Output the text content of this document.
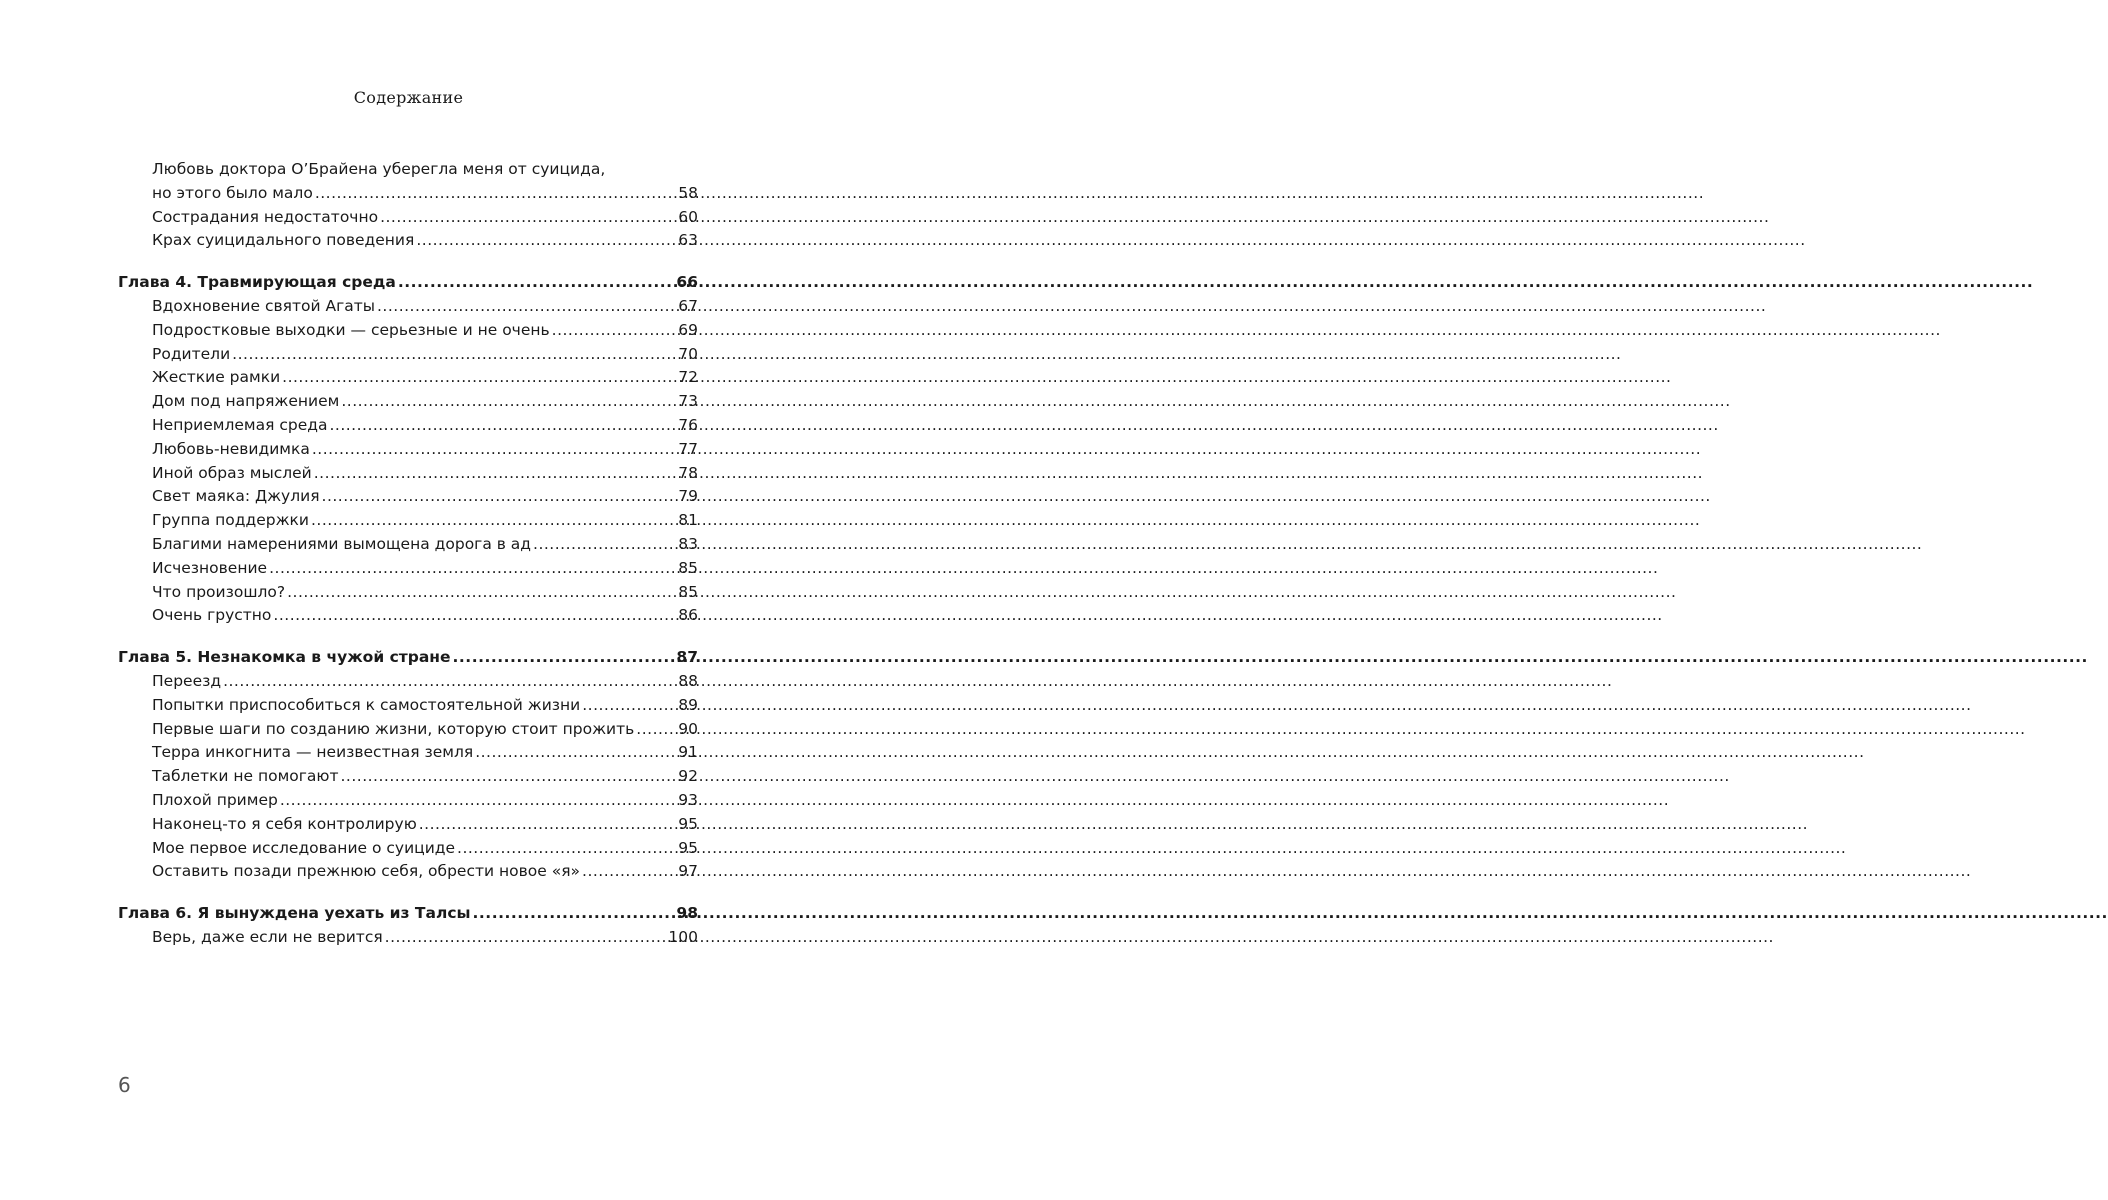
Содержание
Любовь доктора О’Брайена уберегла меня от суицида,
но этого было мало .....	58
Сострадания недостаточно .....	60
Крах суицидального поведения .....	63
Глава 4. Травмирующая среда .....	66
Вдохновение святой Агаты .....	67
Подростковые выходки — серьезные и не очень .....	69
Родители .....	70
Жесткие рамки .....	72
Дом под напряжением .....	73
Неприемлемая среда .....	76
Любовь-невидимка .....	77
Иной образ мыслей .....	78
Свет маяка: Джулия .....	79
Группа поддержки .....	81
Благими намерениями вымощена дорога в ад .....	83
Исчезновение .....	85
Что произошло? .....	85
Очень грустно .....	86
Глава 5. Незнакомка в чужой стране .....	87
Переезд .....	88
Попытки приспособиться к самостоятельной жизни .....	89
Первые шаги по созданию жизни, которую стоит прожить .....	90
Терра инкогнита — неизвестная земля .....	91
Таблетки не помогают .....	92
Плохой пример .....	93
Наконец-то я себя контролирую .....	95
Мое первое исследование о суициде .....	95
Оставить позади прежнюю себя, обрести новое «я» .....	97
Глава 6. Я вынуждена уехать из Талсы .....	98
Верь, даже если не верится .....	100
6
